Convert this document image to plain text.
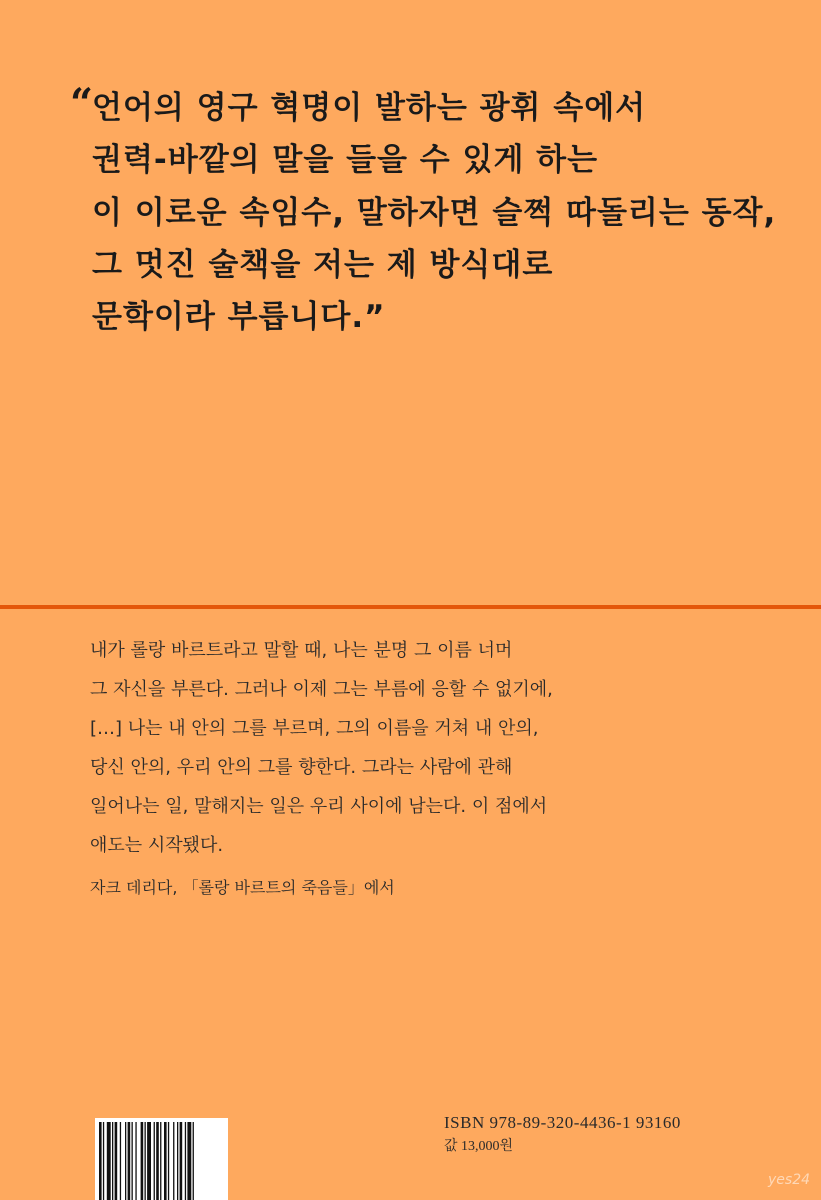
“
언어의 영구 혁명이 발하는 광휘 속에서
권력-바깥의 말을 들을 수 있게 하는
이 이로운 속임수, 말하자면 슬쩍 따돌리는 동작,
그 멋진 술책을 저는 제 방식대로
문학이라 부릅니다.”
내가 롤랑 바르트라고 말할 때, 나는 분명 그 이름 너머
그 자신을 부른다. 그러나 이제 그는 부름에 응할 수 없기에,
[…] 나는 내 안의 그를 부르며, 그의 이름을 거쳐 내 안의,
당신 안의, 우리 안의 그를 향한다. 그라는 사람에 관해
일어나는 일, 말해지는 일은 우리 사이에 남는다. 이 점에서
애도는 시작됐다.
자크 데리다, 「롤랑 바르트의 죽음들」에서
ISBN 978-89-320-4436-1 93160
값 13,000원
yes24
